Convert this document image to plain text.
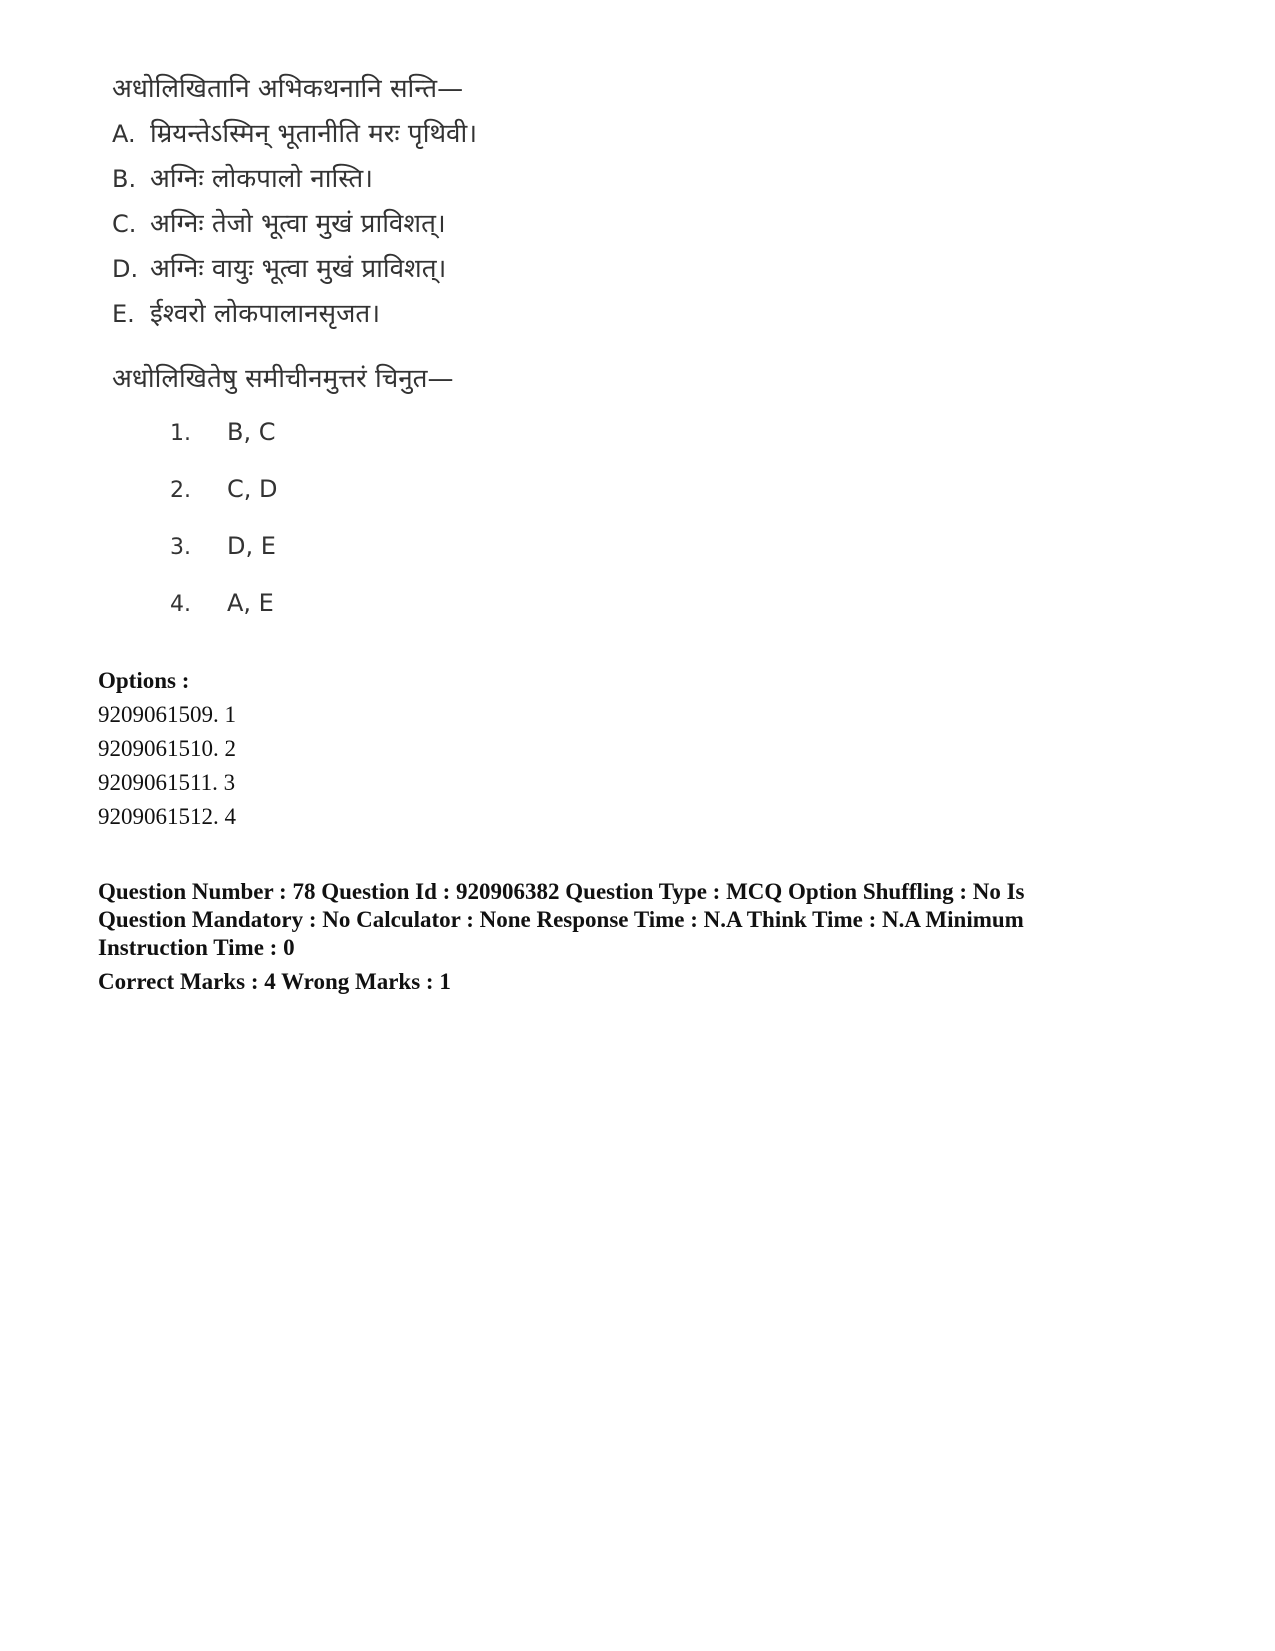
अधोलिखितानि अभिकथनानि सन्ति—
A. म्रियन्तेऽस्मिन् भूतानीति मरः पृथिवी।
B. अग्निः लोकपालो नास्ति।
C. अग्निः तेजो भूत्वा मुखं प्राविशत्।
D. अग्निः वायुः भूत्वा मुखं प्राविशत्।
E. ईश्वरो लोकपालानसृजत।
अधोलिखितेषु समीचीनमुत्तरं चिनुत—
1. B, C
2. C, D
3. D, E
4. A, E
Options :
9209061509. 1
9209061510. 2
9209061511. 3
9209061512. 4
Question Number : 78 Question Id : 920906382 Question Type : MCQ Option Shuffling : No Is
Question Mandatory : No Calculator : None Response Time : N.A Think Time : N.A Minimum
Instruction Time : 0
Correct Marks : 4 Wrong Marks : 1
